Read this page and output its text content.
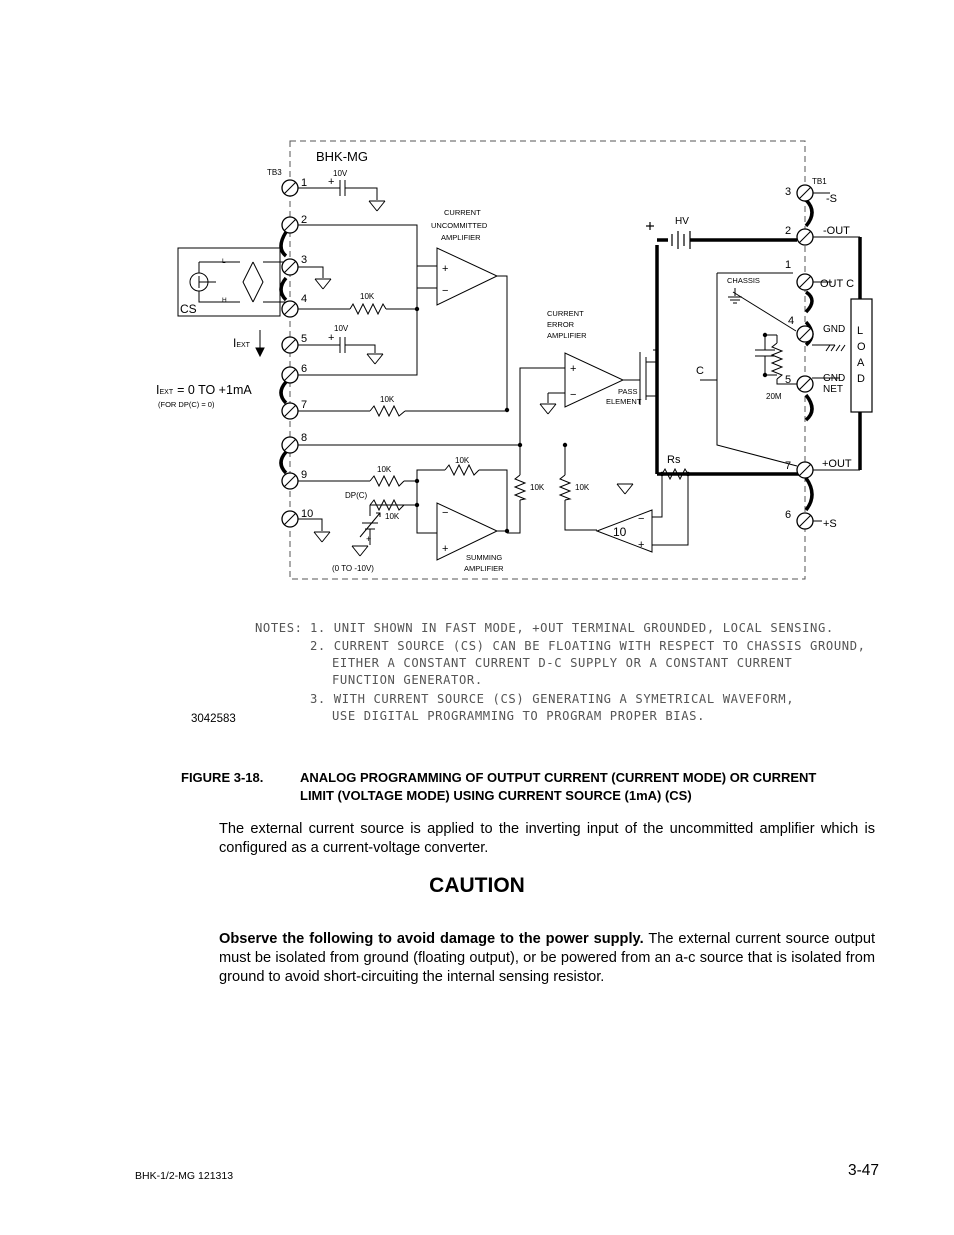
BHK-MG
+
−
+
−
−
+
−
+
+
+
+
TB3
1
2
3
4
5
6
7
8
9
10
TB1
3
2
1
4
5
7
6
10V
10V
10K
10K
10K
10K
10K
10K	10K
20M
CURRENT
UNCOMMITTED
AMPLIFIER
CURRENT
ERROR
AMPLIFIER
PASS
ELEMENT
SUMMING
AMPLIFIER
HV
CHASSIS
C
Rs
10
CS
L
H
IEXT
IEXT = 0 TO +1mA
(FOR DP(C) = 0)
DP(C)
(0 TO -10V)
-S
-OUT
OUT C
GND
GND
NET
+OUT
+S
L
O
A
D
3042583
NOTES: 1. UNIT SHOWN IN FAST MODE, +OUT TERMINAL GROUNDED, LOCAL SENSING.
2. CURRENT SOURCE (CS) CAN BE FLOATING WITH RESPECT TO CHASSIS GROUND,
EITHER A CONSTANT CURRENT D-C SUPPLY OR A CONSTANT CURRENT
FUNCTION GENERATOR.
3. WITH CURRENT SOURCE (CS) GENERATING A SYMETRICAL WAVEFORM,
USE DIGITAL PROGRAMMING TO PROGRAM PROPER BIAS.
FIGURE 3-18.	ANALOG PROGRAMMING OF OUTPUT CURRENT (CURRENT MODE) OR CURRENT
LIMIT (VOLTAGE MODE) USING CURRENT SOURCE (1mA) (CS)
The external current source is applied to the inverting input of the uncommitted amplifier which is configured as a current-voltage converter.
CAUTION
Observe the following to avoid damage to the power supply. The external current source output must be isolated from ground (floating output), or be powered from an a-c source that is isolated from ground to avoid short-circuiting the internal sensing resistor.
BHK-1/2-MG 121313	3-47
